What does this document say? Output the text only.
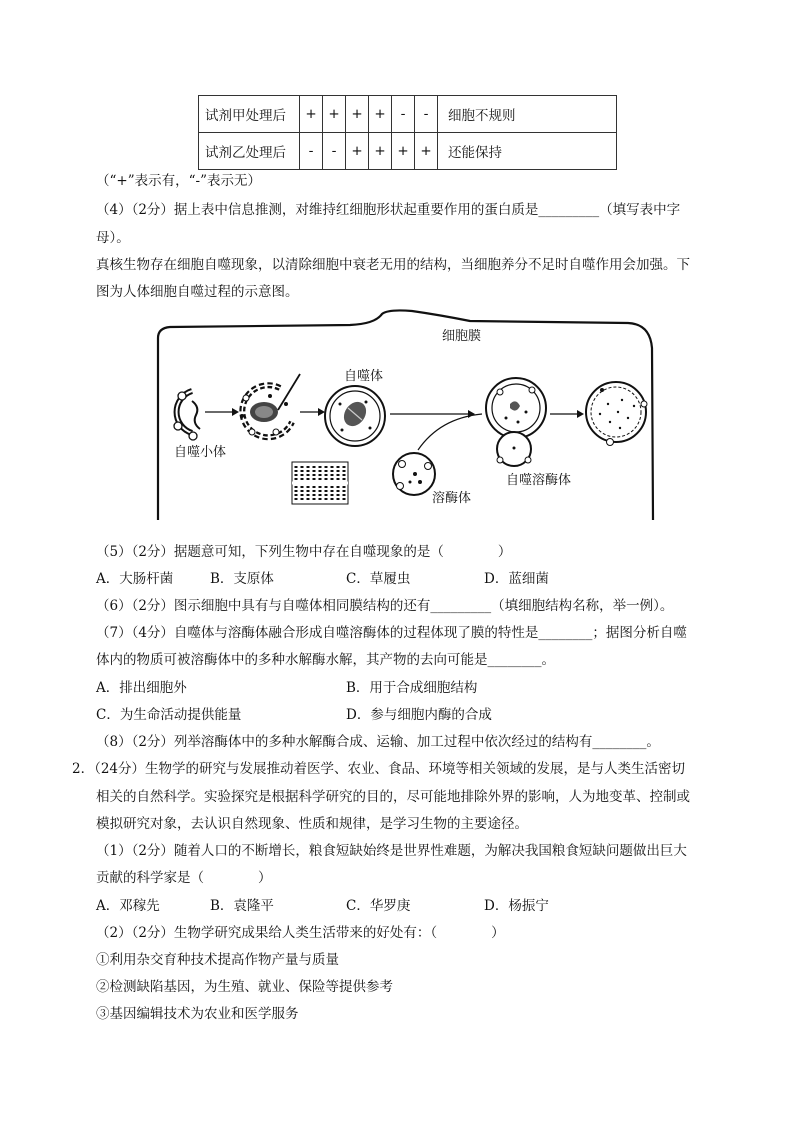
试剂甲处理后	+	+	+	+	-	-	细胞不规则
试剂乙处理后	-	-	+	+	+	+	还能保持
（“+”表示有，“-”表示无）
（4）（2分）据上表中信息推测，对维持红细胞形状起重要作用的蛋白质是_________（填写表中字
母）。
真核生物存在细胞自噬现象，以清除细胞中衰老无用的结构，当细胞养分不足时自噬作用会加强。下
图为人体细胞自噬过程的示意图。
细胞膜
自噬小体
自噬体
溶酶体
自噬溶酶体
（5）（2分）据题意可知，下列生物中存在自噬现象的是（　　　　）
A．大肠杆菌	B．支原体	C．草履虫	D．蓝细菌
（6）（2分）图示细胞中具有与自噬体相同膜结构的还有_________（填细胞结构名称，举一例）。
（7）（4分）自噬体与溶酶体融合形成自噬溶酶体的过程体现了膜的特性是________；据图分析自噬
体内的物质可被溶酶体中的多种水解酶水解，其产物的去向可能是________。
A．排出细胞外	B．用于合成细胞结构
C．为生命活动提供能量	D．参与细胞内酶的合成
（8）（2分）列举溶酶体中的多种水解酶合成、运输、加工过程中依次经过的结构有________。
2．（24分）生物学的研究与发展推动着医学、农业、食品、环境等相关领域的发展，是与人类生活密切
相关的自然科学。实验探究是根据科学研究的目的，尽可能地排除外界的影响，人为地变革、控制或
模拟研究对象，去认识自然现象、性质和规律，是学习生物的主要途径。
（1）（2分）随着人口的不断增长，粮食短缺始终是世界性难题，为解决我国粮食短缺问题做出巨大
贡献的科学家是（　　　　）
A．邓稼先	B．袁隆平	C．华罗庚	D．杨振宁
（2）（2分）生物学研究成果给人类生活带来的好处有：（　　　　）
①利用杂交育种技术提高作物产量与质量
②检测缺陷基因，为生殖、就业、保险等提供参考
③基因编辑技术为农业和医学服务
